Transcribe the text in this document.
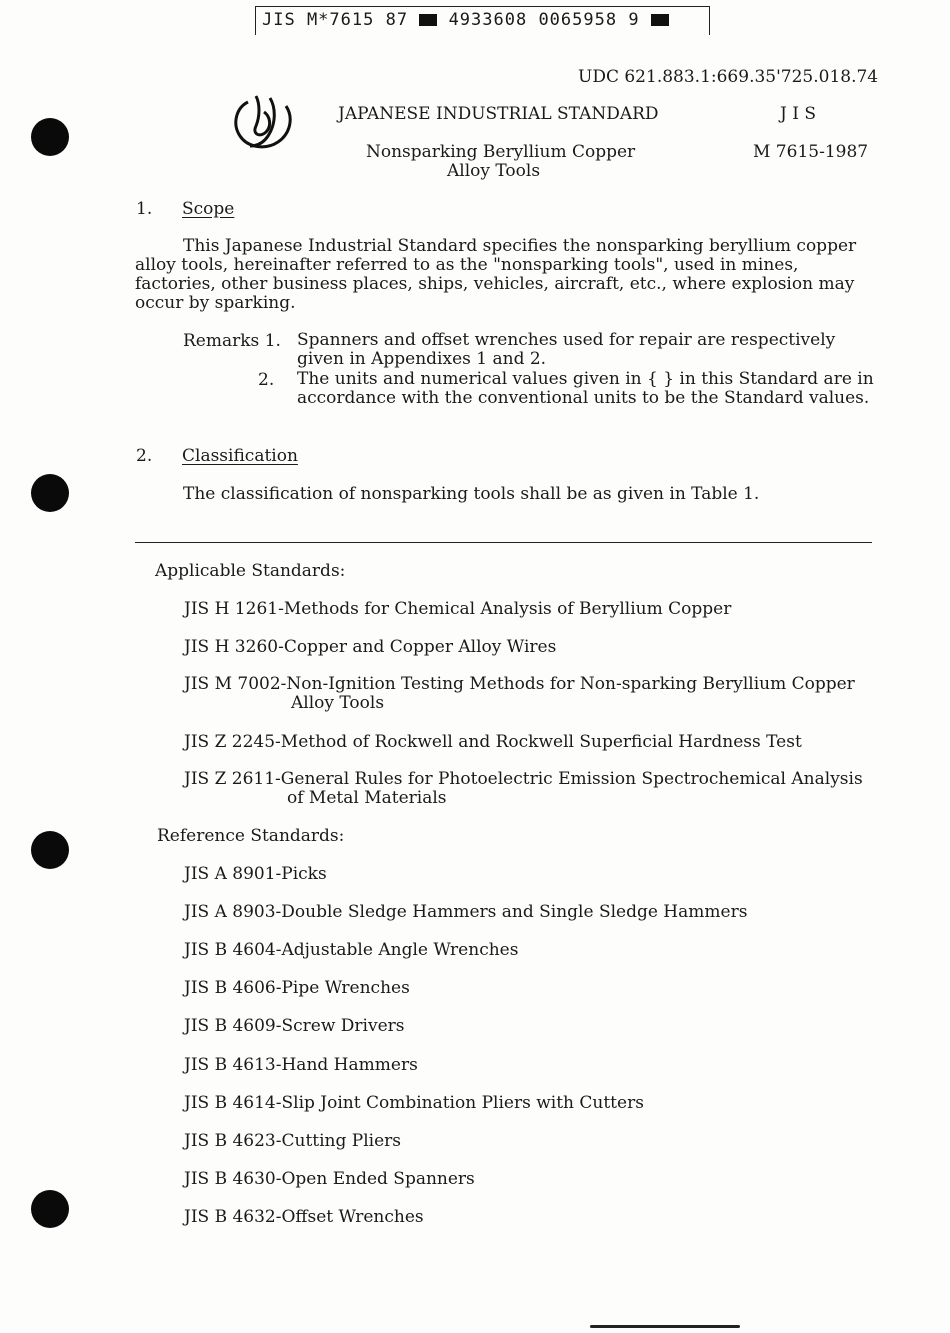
JIS M*7615 87 4933608 0065958 9
UDC 621.883.1:669.35'725.018.74
JAPANESE INDUSTRIAL STANDARD	J I S
Nonsparking Beryllium Copper
Alloy Tools
M 7615-1987
1. Scope
This Japanese Industrial Standard specifies the nonsparking beryllium copper alloy tools, hereinafter referred to as the "nonsparking tools", used in mines, factories, other business places, ships, vehicles, aircraft, etc., where explosion may occur by sparking.
Remarks 1. Spanners and offset wrenches used for repair are respectively given in Appendixes 1 and 2.
2. The units and numerical values given in { } in this Standard are in accordance with the conventional units to be the Standard values.
2. Classification
The classification of nonsparking tools shall be as given in Table 1.
Applicable Standards:
JIS H 1261-Methods for Chemical Analysis of Beryllium Copper
JIS H 3260-Copper and Copper Alloy Wires
JIS M 7002-Non-Ignition Testing Methods for Non-sparking Beryllium Copper
Alloy Tools
JIS Z 2245-Method of Rockwell and Rockwell Superficial Hardness Test
JIS Z 2611-General Rules for Photoelectric Emission Spectrochemical Analysis
of Metal Materials
Reference Standards:
JIS A 8901-Picks
JIS A 8903-Double Sledge Hammers and Single Sledge Hammers
JIS B 4604-Adjustable Angle Wrenches
JIS B 4606-Pipe Wrenches
JIS B 4609-Screw Drivers
JIS B 4613-Hand Hammers
JIS B 4614-Slip Joint Combination Pliers with Cutters
JIS B 4623-Cutting Pliers
JIS B 4630-Open Ended Spanners
JIS B 4632-Offset Wrenches
